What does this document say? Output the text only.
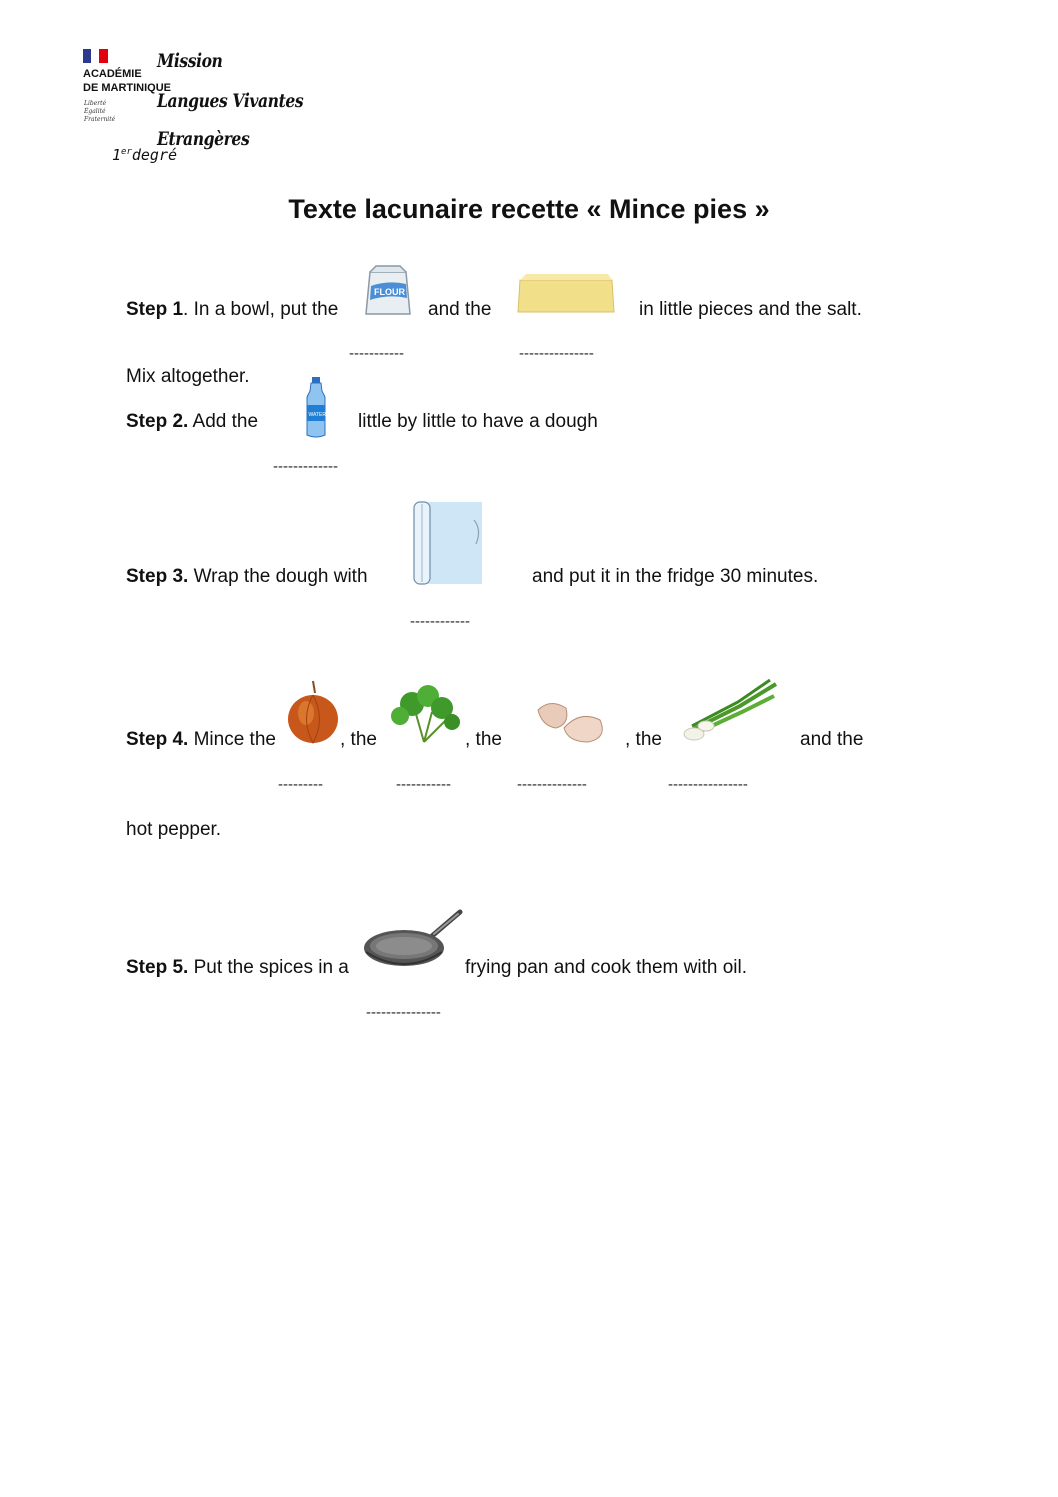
ACADÉMIE
DE MARTINIQUE
Liberté
Égalité
Fraternité
Mission
Langues Vivantes
Etrangères
1erdegré
Texte lacunaire recette « Mince pies »
Step 1. In a bowl, put the
FLOUR
and the	in little pieces and the salt.
-----------	---------------
Mix altogether.
Step 2. Add the	WATER little by little to have a dough
-------------
Step 3. Wrap the dough with	and put it in the fridge 30 minutes.
------------
Step 4. Mince the	, the	, the	, the	and the
---------	-----------	--------------	----------------
hot pepper.
Step 5. Put the spices in a	frying pan and cook them with oil.
---------------
